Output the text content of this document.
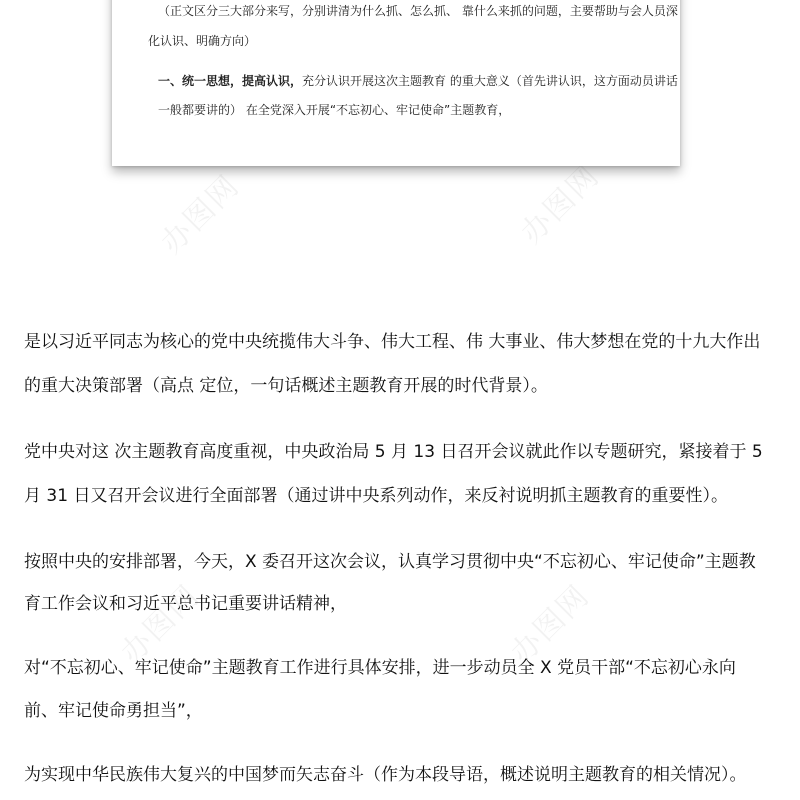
办图网	办图网
办图网	办图网
（正文区分三大部分来写，分别讲清为什么抓、怎么抓、 靠什么来抓的问题，主要帮助与会人员深
化认识、明确方向）
一、统一思想，提高认识，充分认识开展这次主题教育 的重大意义（首先讲认识，这方面动员讲话
一般都要讲的） 在全党深入开展“不忘初心、牢记使命”主题教育，
是以习近平同志为核心的党中央统揽伟大斗争、伟大工程、伟 大事业、伟大梦想在党的十九大作出
的重大决策部署（高点 定位，一句话概述主题教育开展的时代背景）。
党中央对这 次主题教育高度重视，中央政治局 5 月 13 日召开会议就此作以专题研究，紧接着于 5
月 31 日又召开会议进行全面部署（通过讲中央系列动作，来反衬说明抓主题教育的重要性）。
按照中央的安排部署，今天，X 委召开这次会议，认真学习贯彻中央“不忘初心、牢记使命”主题教
育工作会议和习近平总书记重要讲话精神，
对“不忘初心、牢记使命”主题教育工作进行具体安排，进一步动员全 X 党员干部“不忘初心永向
前、牢记使命勇担当”，
为实现中华民族伟大复兴的中国梦而矢志奋斗（作为本段导语，概述说明主题教育的相关情况）。
